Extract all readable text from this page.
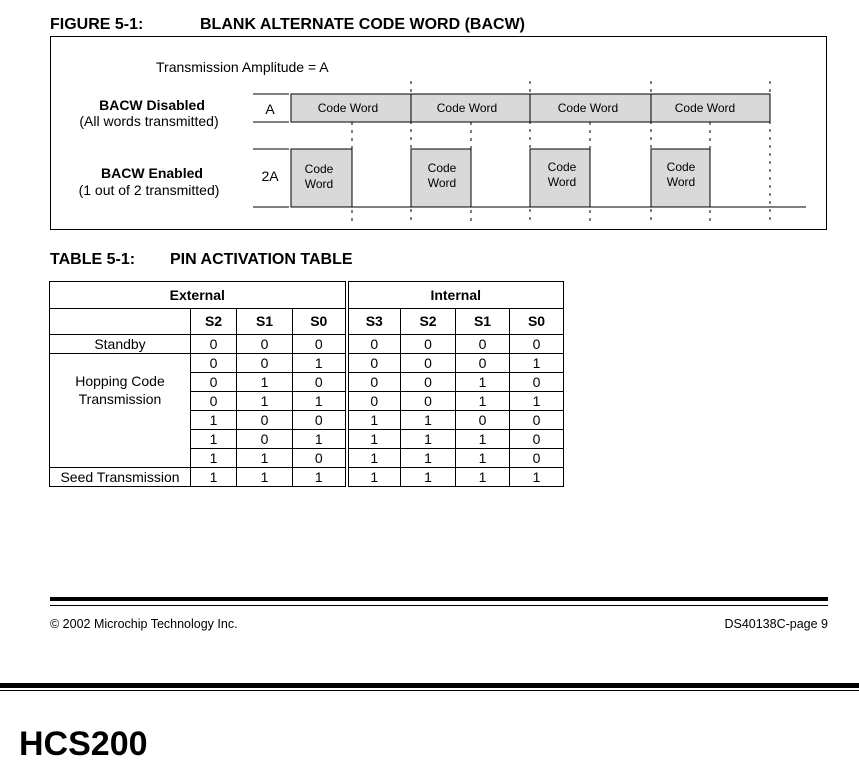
FIGURE 5-1:	BLANK ALTERNATE CODE WORD (BACW)
Transmission Amplitude = A
BACW Disabled
(All words transmitted)
A	Code Word	Code Word	Code Word	Code Word
BACW Enabled
(1 out of 2 transmitted)
2A Code
Word
Code
Word
Code
Word
Code
Word
TABLE 5-1: PIN ACTIVATION TABLE
External				Internal			
	S2	S1	S0	S3	S2	S1	S0
Standby	0	0	0	0	0	0	0

Hopping Code
Transmission	0	0	1	0	0	0	1
	0	1	0	0	0	1	0
	0	1	1	0	0	1	1
	1	0	0	1	1	0	0
	1	0	1	1	1	1	0
	1	1	0	1	1	1	0
Seed Transmission	1	1	1	1	1	1	1
© 2002 Microchip Technology Inc.	DS40138C-page 9
HCS200
